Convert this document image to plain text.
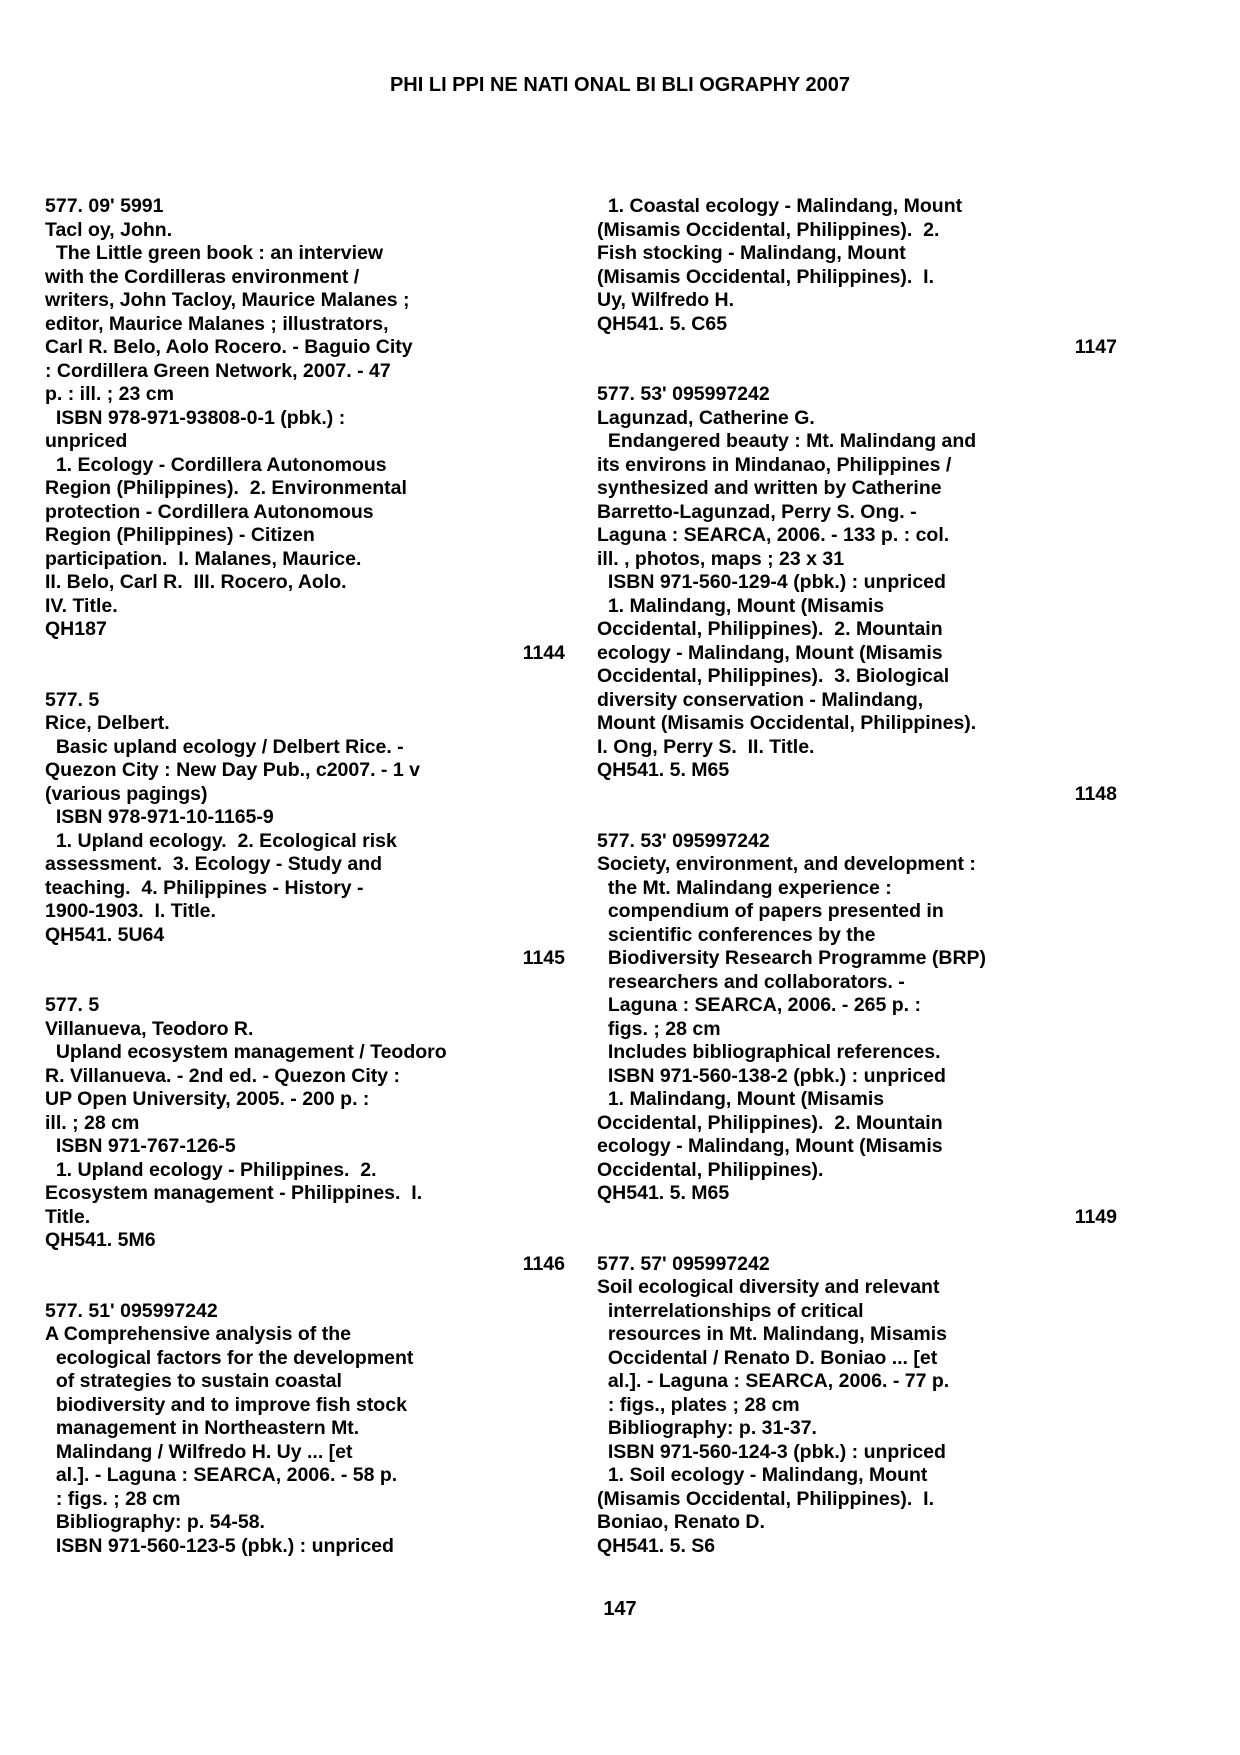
PHI LI PPI NE NATI ONAL BI BLI OGRAPHY 2007
577. 09' 5991
Tacl oy, John.
The Little green book : an interview
with the Cordilleras environment /
writers, John Tacloy, Maurice Malanes ;
editor, Maurice Malanes ; illustrators,
Carl R. Belo, Aolo Rocero. - Baguio City
: Cordillera Green Network, 2007. - 47
p. : ill. ; 23 cm
ISBN 978-971-93808-0-1 (pbk.) :
unpriced
1. Ecology - Cordillera Autonomous
Region (Philippines).  2. Environmental
protection - Cordillera Autonomous
Region (Philippines) - Citizen
participation.  I. Malanes, Maurice.
II. Belo, Carl R.  III. Rocero, Aolo.
IV. Title.
QH187
1144
577. 5
Rice, Delbert.
Basic upland ecology / Delbert Rice. -
Quezon City : New Day Pub., c2007. - 1 v
(various pagings)
ISBN 978-971-10-1165-9
1. Upland ecology.  2. Ecological risk
assessment.  3. Ecology - Study and
teaching.  4. Philippines - History -
1900-1903.  I. Title.
QH541. 5U64
1145
577. 5
Villanueva, Teodoro R.
Upland ecosystem management / Teodoro
R. Villanueva. - 2nd ed. - Quezon City :
UP Open University, 2005. - 200 p. :
ill. ; 28 cm
ISBN 971-767-126-5
1. Upland ecology - Philippines.  2.
Ecosystem management - Philippines.  I.
Title.
QH541. 5M6
1146
577. 51' 095997242
A Comprehensive analysis of the
ecological factors for the development
of strategies to sustain coastal
biodiversity and to improve fish stock
management in Northeastern Mt.
Malindang / Wilfredo H. Uy ... [et
al.]. - Laguna : SEARCA, 2006. - 58 p.
: figs. ; 28 cm
Bibliography: p. 54-58.
ISBN 971-560-123-5 (pbk.) : unpriced
1. Coastal ecology - Malindang, Mount
(Misamis Occidental, Philippines).  2.
Fish stocking - Malindang, Mount
(Misamis Occidental, Philippines).  I.
Uy, Wilfredo H.
QH541. 5. C65
1147
577. 53' 095997242
Lagunzad, Catherine G.
Endangered beauty : Mt. Malindang and
its environs in Mindanao, Philippines /
synthesized and written by Catherine
Barretto-Lagunzad, Perry S. Ong. -
Laguna : SEARCA, 2006. - 133 p. : col.
ill. , photos, maps ; 23 x 31
ISBN 971-560-129-4 (pbk.) : unpriced
1. Malindang, Mount (Misamis
Occidental, Philippines).  2. Mountain
ecology - Malindang, Mount (Misamis
Occidental, Philippines).  3. Biological
diversity conservation - Malindang,
Mount (Misamis Occidental, Philippines).
I. Ong, Perry S.  II. Title.
QH541. 5. M65
1148
577. 53' 095997242
Society, environment, and development :
the Mt. Malindang experience :
compendium of papers presented in
scientific conferences by the
Biodiversity Research Programme (BRP)
researchers and collaborators. -
Laguna : SEARCA, 2006. - 265 p. :
figs. ; 28 cm
Includes bibliographical references.
ISBN 971-560-138-2 (pbk.) : unpriced
1. Malindang, Mount (Misamis
Occidental, Philippines).  2. Mountain
ecology - Malindang, Mount (Misamis
Occidental, Philippines).
QH541. 5. M65
1149
577. 57' 095997242
Soil ecological diversity and relevant
interrelationships of critical
resources in Mt. Malindang, Misamis
Occidental / Renato D. Boniao ... [et
al.]. - Laguna : SEARCA, 2006. - 77 p.
: figs., plates ; 28 cm
Bibliography: p. 31-37.
ISBN 971-560-124-3 (pbk.) : unpriced
1. Soil ecology - Malindang, Mount
(Misamis Occidental, Philippines).  I.
Boniao, Renato D.
QH541. 5. S6
147
